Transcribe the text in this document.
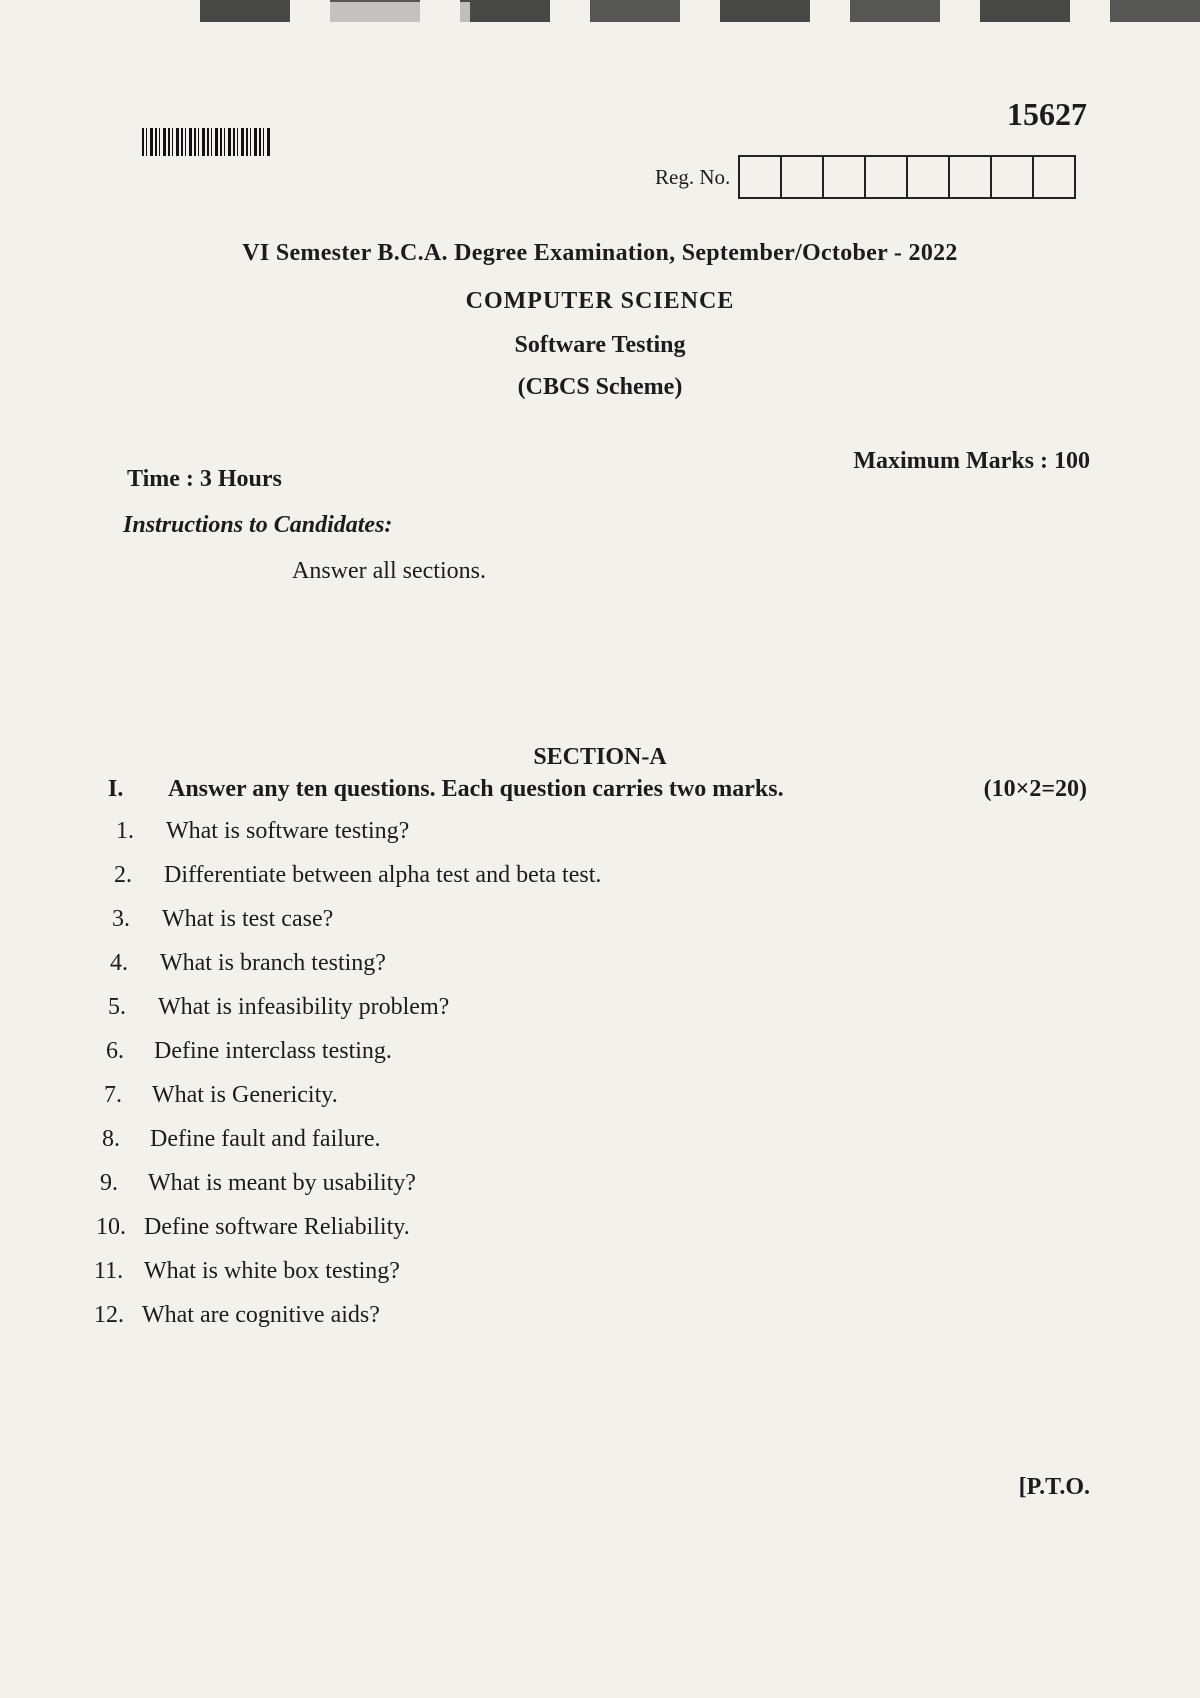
15627
Reg. No.
VI Semester B.C.A. Degree Examination, September/October - 2022
COMPUTER SCIENCE
Software Testing
(CBCS Scheme)
Time : 3 Hours
Maximum Marks : 100
Instructions to Candidates:
Answer all sections.
SECTION-A
I. Answer any ten questions. Each question carries two marks.	(10×2=20)
1. What is software testing?
2. Differentiate between alpha test and beta test.
3. What is test case?
4. What is branch testing?
5. What is infeasibility problem?
6. Define interclass testing.
7. What is Genericity.
8. Define fault and failure.
9. What is meant by usability?
10. Define software Reliability.
11. What is white box testing?
12. What are cognitive aids?
[P.T.O.
